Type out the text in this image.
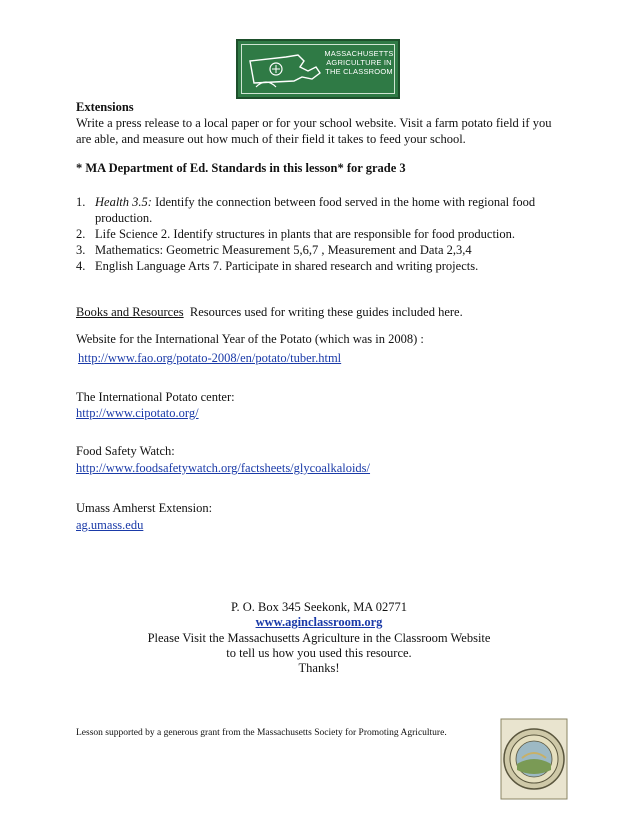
MASSACHUSETTS AGRICULTURE IN THE CLASSROOM
Extensions
Write a press release to a local paper or for your school website. Visit a farm potato field if you are able, and measure out how much of their field it takes to feed your school.
* MA Department of Ed. Standards in this lesson* for grade 3
1. Health 3.5: Identify the connection between food served in the home with regional food production.
2. Life Science 2. Identify structures in plants that are responsible for food production.
3. Mathematics: Geometric Measurement 5,6,7 , Measurement and Data 2,3,4
4. English Language Arts 7. Participate in shared research and writing projects.
Books and Resources  Resources used for writing these guides included here.
Website for the International Year of the Potato (which was in 2008) :
http://www.fao.org/potato-2008/en/potato/tuber.html
The International Potato center:
http://www.cipotato.org/
Food Safety Watch:
http://www.foodsafetywatch.org/factsheets/glycoalkaloids/
Umass Amherst Extension:
ag.umass.edu
P. O. Box 345 Seekonk, MA 02771
www.aginclassroom.org
Please Visit the Massachusetts Agriculture in the Classroom Website
to tell us how you used this resource.
Thanks!
Lesson supported by a generous grant from the Massachusetts Society for Promoting Agriculture.
